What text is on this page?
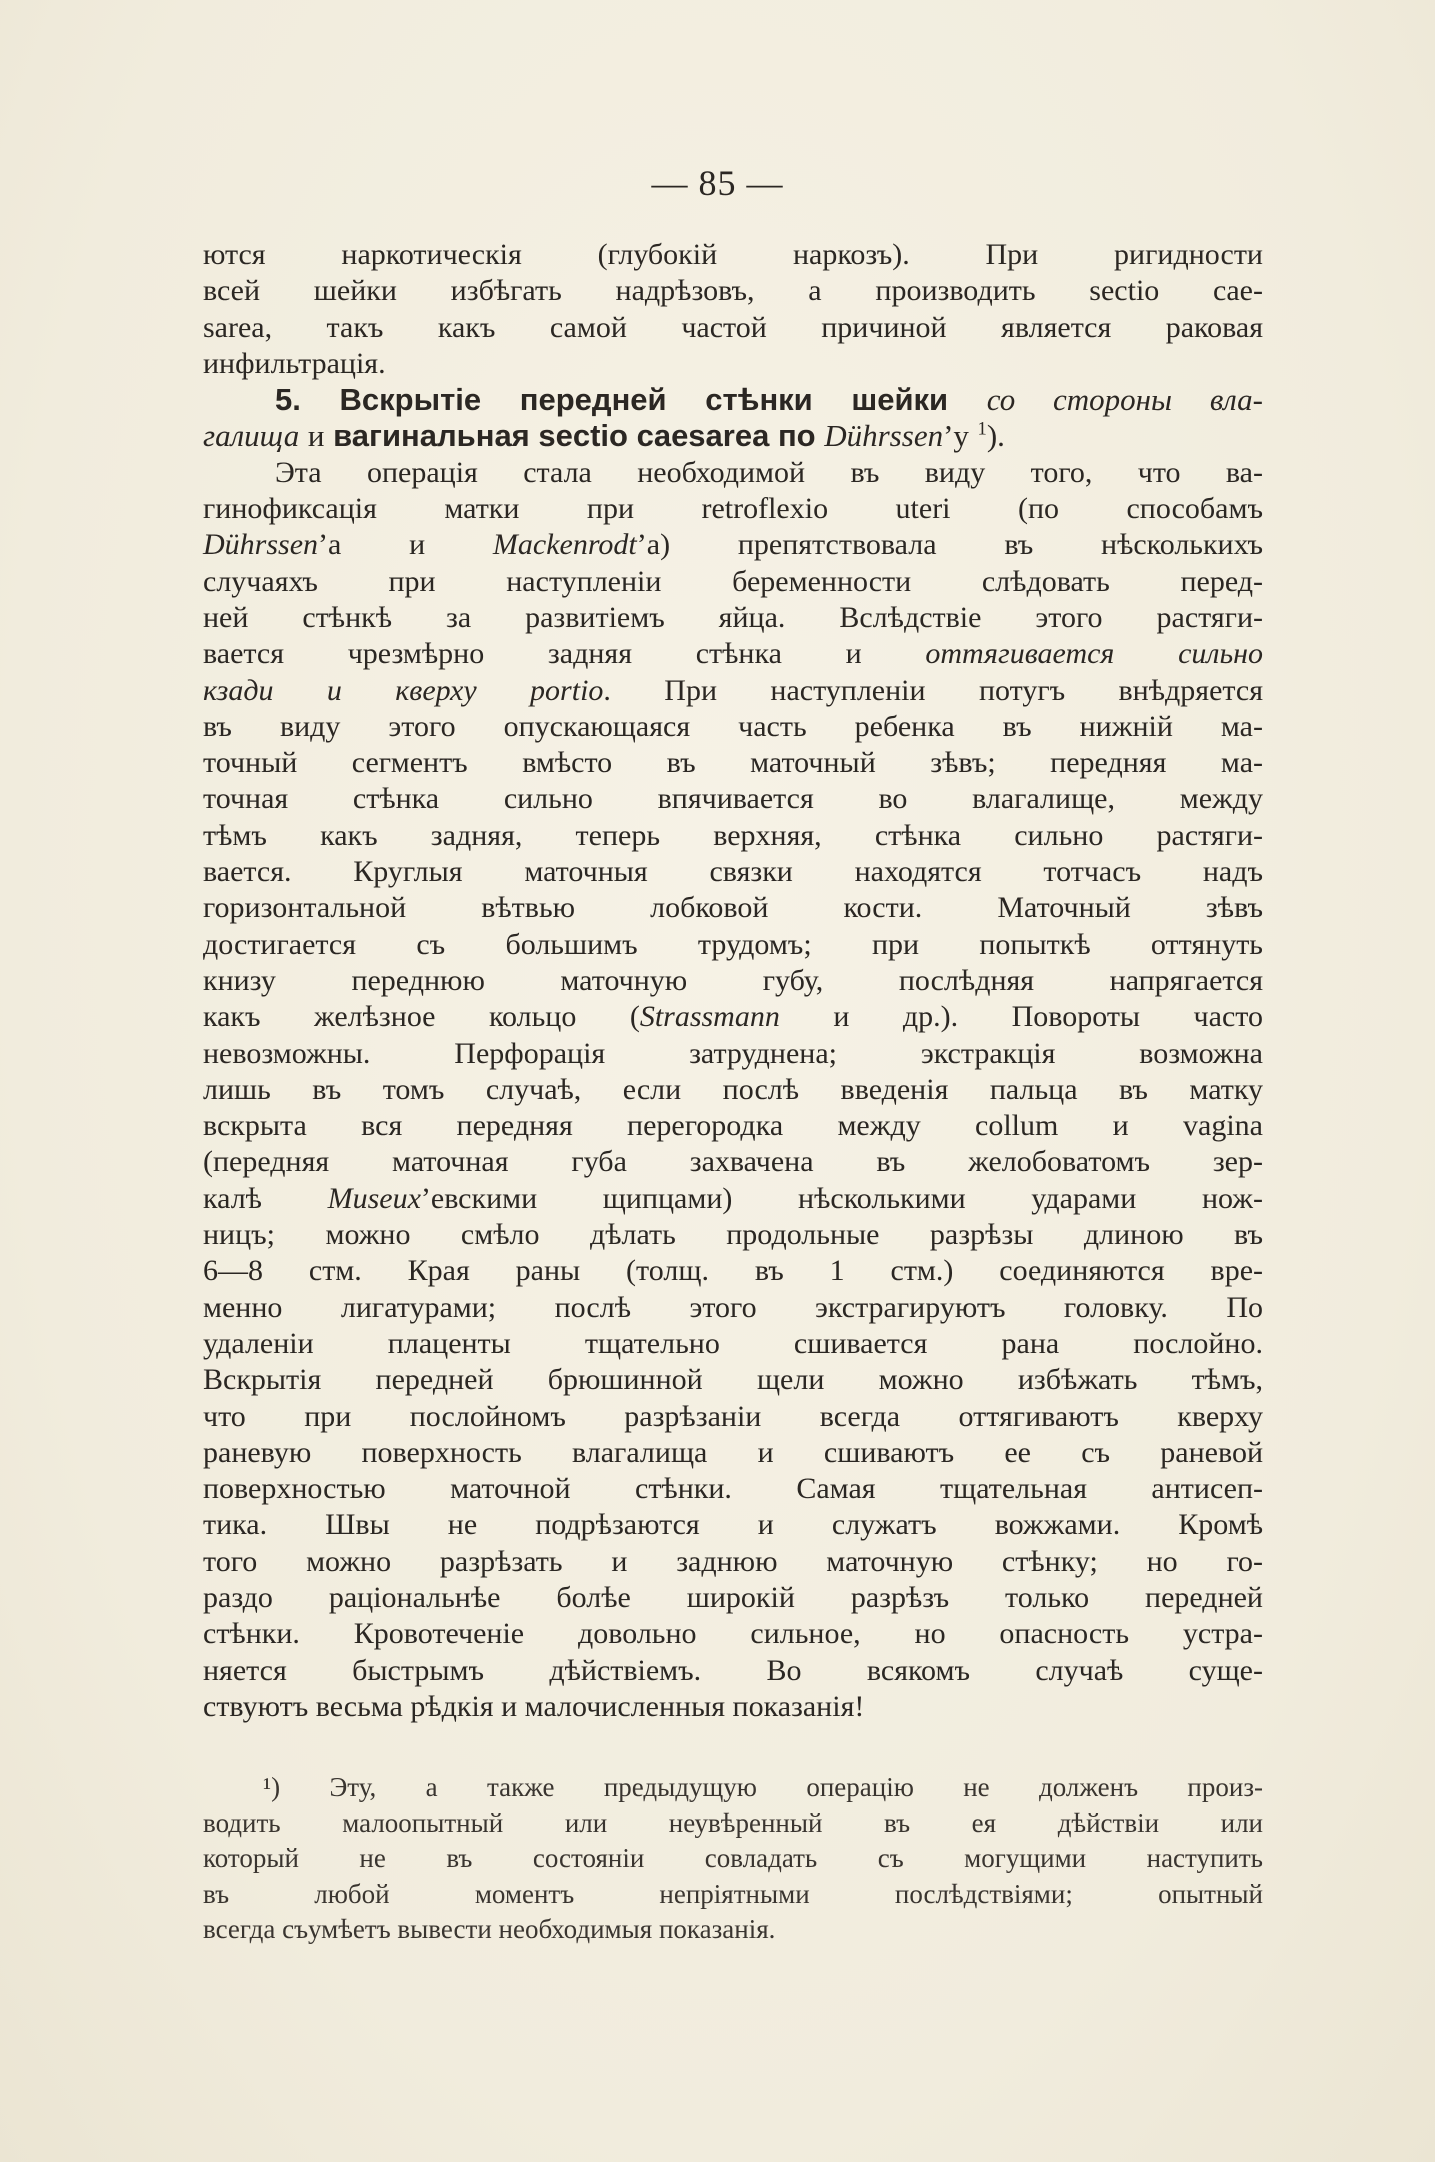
— 85 —
ются наркотическія (глубокій наркозъ). При ригидности
всей шейки избѣгать надрѣзовъ, а производить sectio cae-
sarea, такъ какъ самой частой причиной является раковая
инфильтрація.
5. Вскрытіе передней стѣнки шейки со стороны вла-
галища и вагинальная sectio caesarea по Dührssen’у $^1$).
Эта операція стала необходимой въ виду того, что ва-
гинофиксація матки при retroflexio uteri (по способамъ
Dührssen’а и Mackenrodt’а) препятствовала въ нѣсколькихъ
случаяхъ при наступленіи беременности слѣдовать перед-
ней стѣнкѣ за развитіемъ яйца. Вслѣдствіе этого растяги-
вается чрезмѣрно задняя стѣнка и оттягивается сильно
кзади и кверху portio. При наступленіи потугъ внѣдряется
въ виду этого опускающаяся часть ребенка въ нижній ма-
точный сегментъ вмѣсто въ маточный зѣвъ; передняя ма-
точная стѣнка сильно впячивается во влагалище, между
тѣмъ какъ задняя, теперь верхняя, стѣнка сильно растяги-
вается. Круглыя маточныя связки находятся тотчасъ надъ
горизонтальной вѣтвью лобковой кости. Маточный зѣвъ
достигается съ большимъ трудомъ; при попыткѣ оттянуть
книзу переднюю маточную губу, послѣдняя напрягается
какъ желѣзное кольцо (Strassmann и др.). Повороты часто
невозможны. Перфорація затруднена; экстракція возможна
лишь въ томъ случаѣ, если послѣ введенія пальца въ матку
вскрыта вся передняя перегородка между collum и vagina
(передняя маточная губа захвачена въ желобоватомъ зер-
калѣ Museux’евскими щипцами) нѣсколькими ударами нож-
ницъ; можно смѣло дѣлать продольные разрѣзы длиною въ
6—8 стм. Края раны (толщ. въ 1 стм.) соединяются вре-
менно лигатурами; послѣ этого экстрагируютъ головку. По
удаленіи плаценты тщательно сшивается рана послойно.
Вскрытія передней брюшинной щели можно избѣжать тѣмъ,
что при послойномъ разрѣзаніи всегда оттягиваютъ кверху
раневую поверхность влагалища и сшиваютъ ее съ раневой
поверхностью маточной стѣнки. Самая тщательная антисеп-
тика. Швы не подрѣзаются и служатъ вожжами. Кромѣ
того можно разрѣзать и заднюю маточную стѣнку; но го-
раздо раціональнѣе болѣе широкій разрѣзъ только передней
стѣнки. Кровотеченіе довольно сильное, но опасность устра-
няется быстрымъ дѣйствіемъ. Во всякомъ случаѣ суще-
ствуютъ весьма рѣдкія и малочисленныя показанія!
¹) Эту, а также предыдущую операцію не долженъ произ-
водить малоопытный или неувѣренный въ ея дѣйствіи или
который не въ состояніи совладать съ могущими наступить
въ любой моментъ непріятными послѣдствіями; опытный
всегда съумѣетъ вывести необходимыя показанія.
